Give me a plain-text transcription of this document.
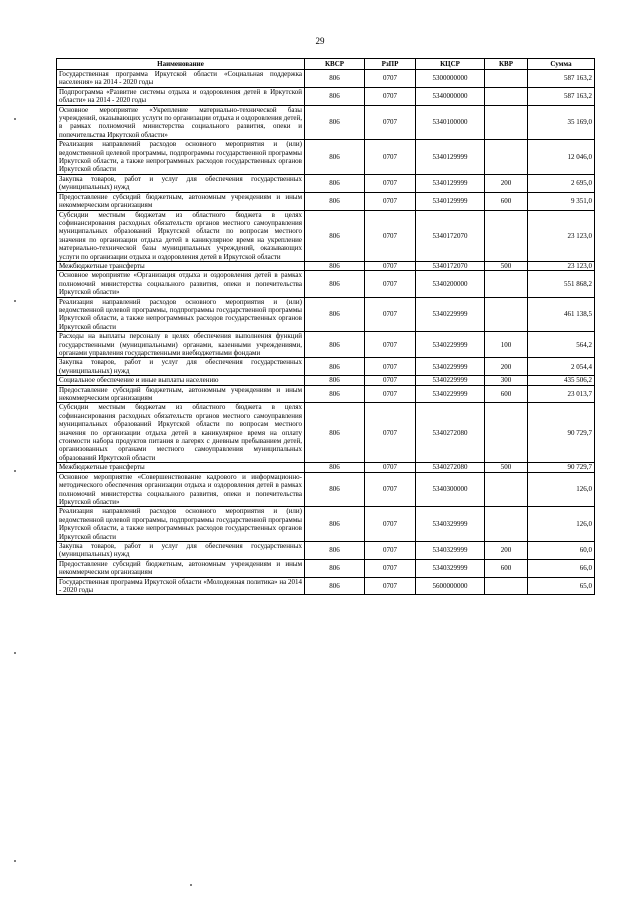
29
Наименование	КВСР	РзПР	КЦСР	КВР	Сумма
Государственная программа Иркутской области «Социальная поддержка населения» на 2014 - 2020 годы	806	0707	5300000000		587 163,2
Подпрограмма «Развитие системы отдыха и оздоровления детей в Иркутской области» на 2014 - 2020 годы	806	0707	5340000000		587 163,2
Основное мероприятие «Укрепление материально-технической базы учреждений, оказывающих услуги по организации отдыха и оздоровления детей, в рамках полномочий министерства социального развития, опеки и попечительства Иркутской области»	806	0707	5340100000		35 169,0
Реализация направлений расходов основного мероприятия и (или) ведомственной целевой программы, подпрограммы государственной программы Иркутской области, а также непрограммных расходов государственных органов Иркутской области	806	0707	5340129999		12 046,0
Закупка товаров, работ и услуг для обеспечения государственных (муниципальных) нужд	806	0707	5340129999	200	2 695,0
Предоставление субсидий бюджетным, автономным учреждениям и иным некоммерческим организациям	806	0707	5340129999	600	9 351,0
Субсидии местным бюджетам из областного бюджета в целях софинансирования расходных обязательств органов местного самоуправления муниципальных образований Иркутской области по вопросам местного значения по организации отдыха детей в каникулярное время на укрепление материально-технической базы муниципальных учреждений, оказывающих услуги по организации отдыха и оздоровления детей в Иркутской области	806	0707	5340172070		23 123,0
Межбюджетные трансферты	806	0707	5340172070	500	23 123,0
Основное мероприятие «Организация отдыха и оздоровления детей в рамках полномочий министерства социального развития, опеки и попечительства Иркутской области»	806	0707	5340200000		551 868,2
Реализация направлений расходов основного мероприятия и (или) ведомственной целевой программы, подпрограммы государственной программы Иркутской области, а также непрограммных расходов государственных органов Иркутской области	806	0707	5340229999		461 138,5
Расходы на выплаты персоналу в целях обеспечения выполнения функций государственными (муниципальными) органами, казенными учреждениями, органами управления государственными внебюджетными фондами	806	0707	5340229999	100	564,2
Закупка товаров, работ и услуг для обеспечения государственных (муниципальных) нужд	806	0707	5340229999	200	2 054,4
Социальное обеспечение и иные выплаты населению	806	0707	5340229999	300	435 506,2
Предоставление субсидий бюджетным, автономным учреждениям и иным некоммерческим организациям	806	0707	5340229999	600	23 013,7
Субсидии местным бюджетам из областного бюджета в целях софинансирования расходных обязательств органов местного самоуправления муниципальных образований Иркутской области по вопросам местного значения по организации отдыха детей в каникулярное время на оплату стоимости набора продуктов питания в лагерях с дневным пребыванием детей, организованных органами местного самоуправления муниципальных образований Иркутской области	806	0707	5340272080		90 729,7
Межбюджетные трансферты	806	0707	5340272080	500	90 729,7
Основное мероприятие «Совершенствование кадрового и информационно-методического обеспечения организации отдыха и оздоровления детей в рамках полномочий министерства социального развития, опеки и попечительства Иркутской области»	806	0707	5340300000		126,0
Реализация направлений расходов основного мероприятия и (или) ведомственной целевой программы, подпрограммы государственной программы Иркутской области, а также непрограммных расходов государственных органов Иркутской области	806	0707	5340329999		126,0
Закупка товаров, работ и услуг для обеспечения государственных (муниципальных) нужд	806	0707	5340329999	200	60,0
Предоставление субсидий бюджетным, автономным учреждениям и иным некоммерческим организациям	806	0707	5340329999	600	66,0
Государственная программа Иркутской области «Молодежная политика» на 2014 - 2020 годы	806	0707	5600000000		65,0
